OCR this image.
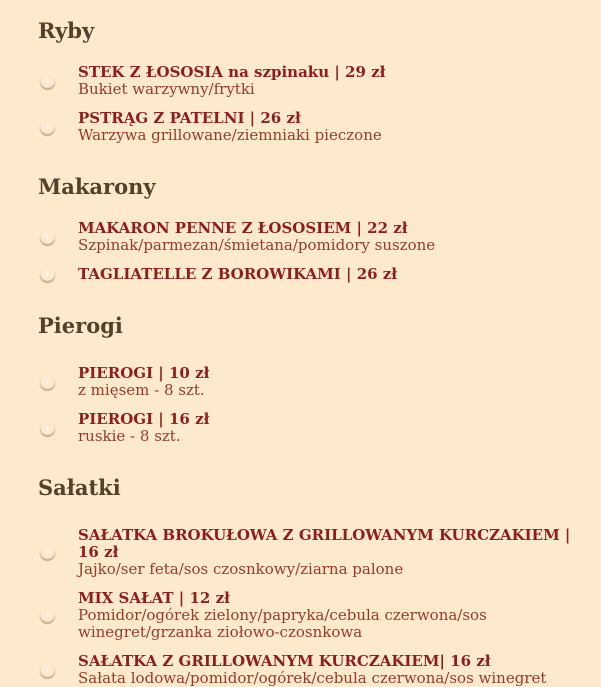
Ryby
›	STEK Z ŁOSOSIA na szpinaku | 29 zł
Bukiet warzywny/frytki
›	PSTRĄG Z PATELNI | 26 zł
Warzywa grillowane/ziemniaki pieczone
Makarony
›	MAKARON PENNE Z ŁOSOSIEM | 22 zł
Szpinak/parmezan/śmietana/pomidory suszone
›	TAGLIATELLE Z BOROWIKAMI | 26 zł
Pierogi
›	PIEROGI | 10 zł
z mięsem - 8 szt.
›	PIEROGI | 16 zł
ruskie - 8 szt.
Sałatki
›
SAŁATKA BROKUŁOWA Z GRILLOWANYM KURCZAKIEM | 16 zł
Jajko/ser feta/sos czosnkowy/ziarna palone
›
MIX SAŁAT | 12 zł
Pomidor/ogórek zielony/papryka/cebula czerwona/sos winegret/grzanka ziołowo-czosnkowa
›	SAŁATKA Z GRILLOWANYM KURCZAKIEM| 16 zł
Sałata lodowa/pomidor/ogórek/cebula czerwona/sos winegret
